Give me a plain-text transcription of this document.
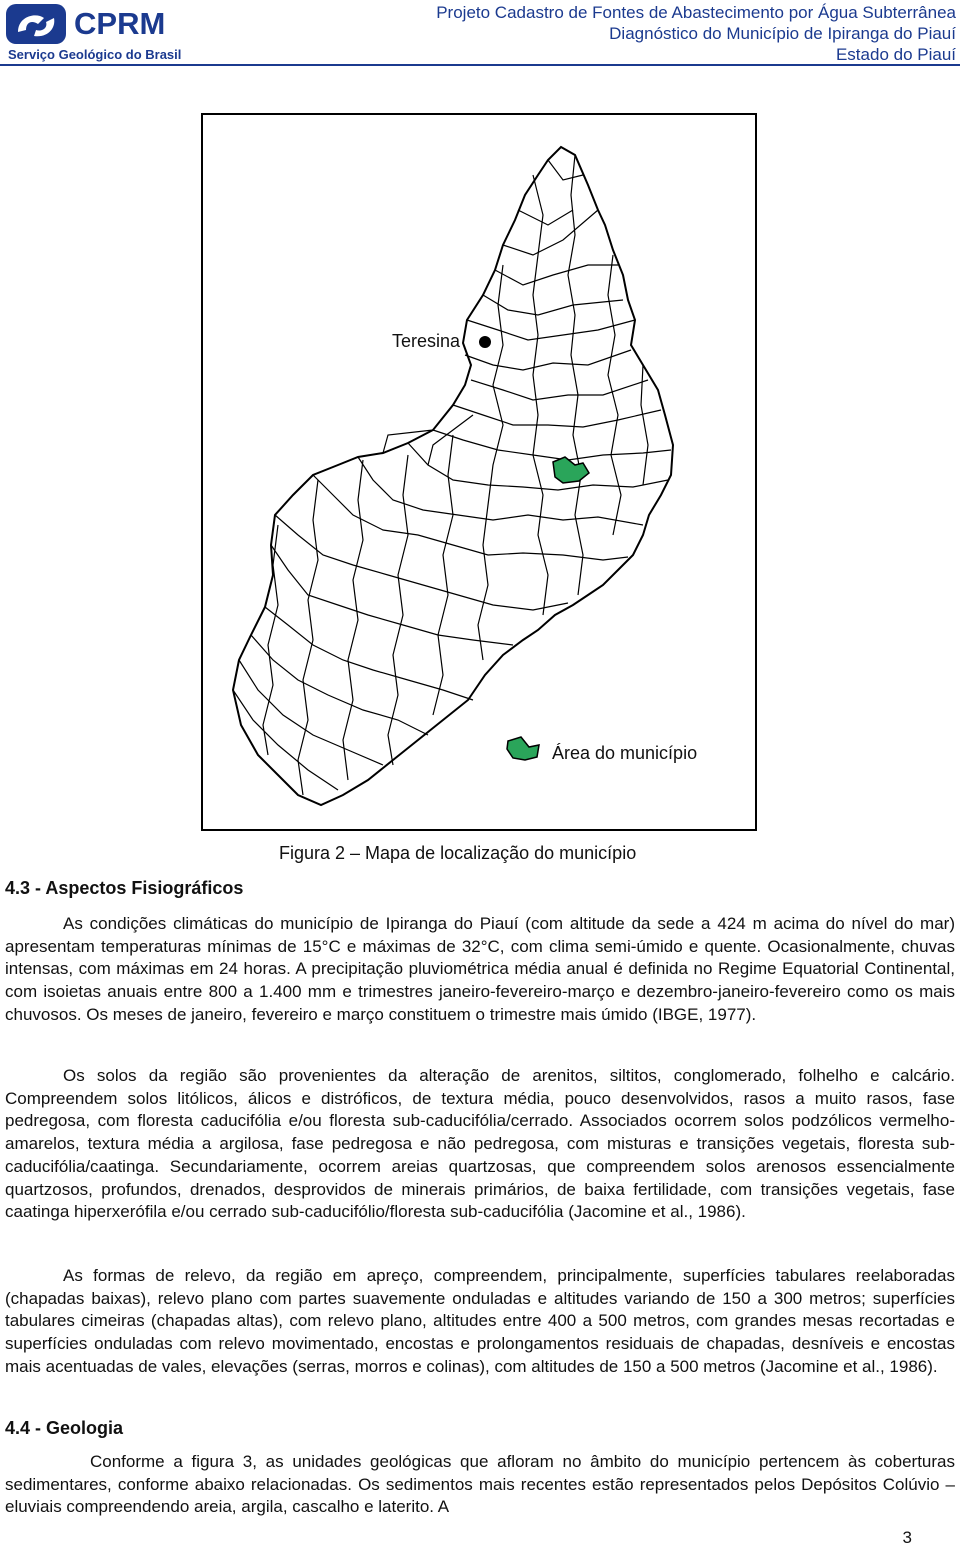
CPRM
Serviço Geológico do Brasil
Projeto Cadastro de Fontes de Abastecimento por Água Subterrânea
Diagnóstico do Município de Ipiranga do Piauí
Estado do Piauí
Teresina
Área do município
Figura 2 – Mapa de localização do município
4.3 - Aspectos Fisiográficos

As condições climáticas do município de Ipiranga do Piauí (com altitude da sede a 424 m acima do nível do mar) apresentam temperaturas mínimas de 15°C e máximas de 32°C, com clima semi-úmido e quente. Ocasionalmente, chuvas intensas, com máximas em 24 horas. A precipitação pluviométrica média anual é definida no Regime Equatorial Continental, com isoietas anuais entre 800 a 1.400 mm e trimestres janeiro-fevereiro-março e dezembro-janeiro-fevereiro como os mais chuvosos. Os meses de janeiro, fevereiro e março constituem o trimestre mais úmido (IBGE, 1977).

Os solos da região são provenientes da alteração de arenitos, siltitos, conglomerado, folhelho e calcário. Compreendem solos litólicos, álicos e distróficos, de textura média, pouco desenvolvidos, rasos a muito rasos, fase pedregosa, com floresta caducifólia e/ou floresta sub-caducifólia/cerrado. Associados ocorrem solos podzólicos vermelho-amarelos, textura média a argilosa, fase pedregosa e não pedregosa, com misturas e transições vegetais, floresta sub-caducifólia/caatinga. Secundariamente, ocorrem areias quartzosas, que compreendem solos arenosos essencialmente quartzosos, profundos, drenados, desprovidos de minerais primários, de baixa fertilidade, com transições vegetais, fase caatinga hiperxerófila e/ou cerrado sub-caducifólio/floresta sub-caducifólia (Jacomine et al., 1986).

As formas de relevo, da região em apreço, compreendem, principalmente, superfícies tabulares reelaboradas (chapadas baixas), relevo plano com partes suavemente onduladas e altitudes variando de 150 a 300 metros; superfícies tabulares cimeiras (chapadas altas), com relevo plano, altitudes entre 400 a 500 metros, com grandes mesas recortadas e superfícies onduladas com relevo movimentado, encostas e prolongamentos residuais de chapadas, desníveis e encostas mais acentuadas de vales, elevações (serras, morros e colinas), com altitudes de 150 a 500 metros (Jacomine et al., 1986).

4.4 - Geologia

Conforme a figura 3, as unidades geológicas que afloram no âmbito do município pertencem às coberturas sedimentares, conforme abaixo relacionadas. Os sedimentos mais recentes estão representados pelos Depósitos Colúvio – eluviais compreendendo areia, argila, cascalho e laterito. A

3
